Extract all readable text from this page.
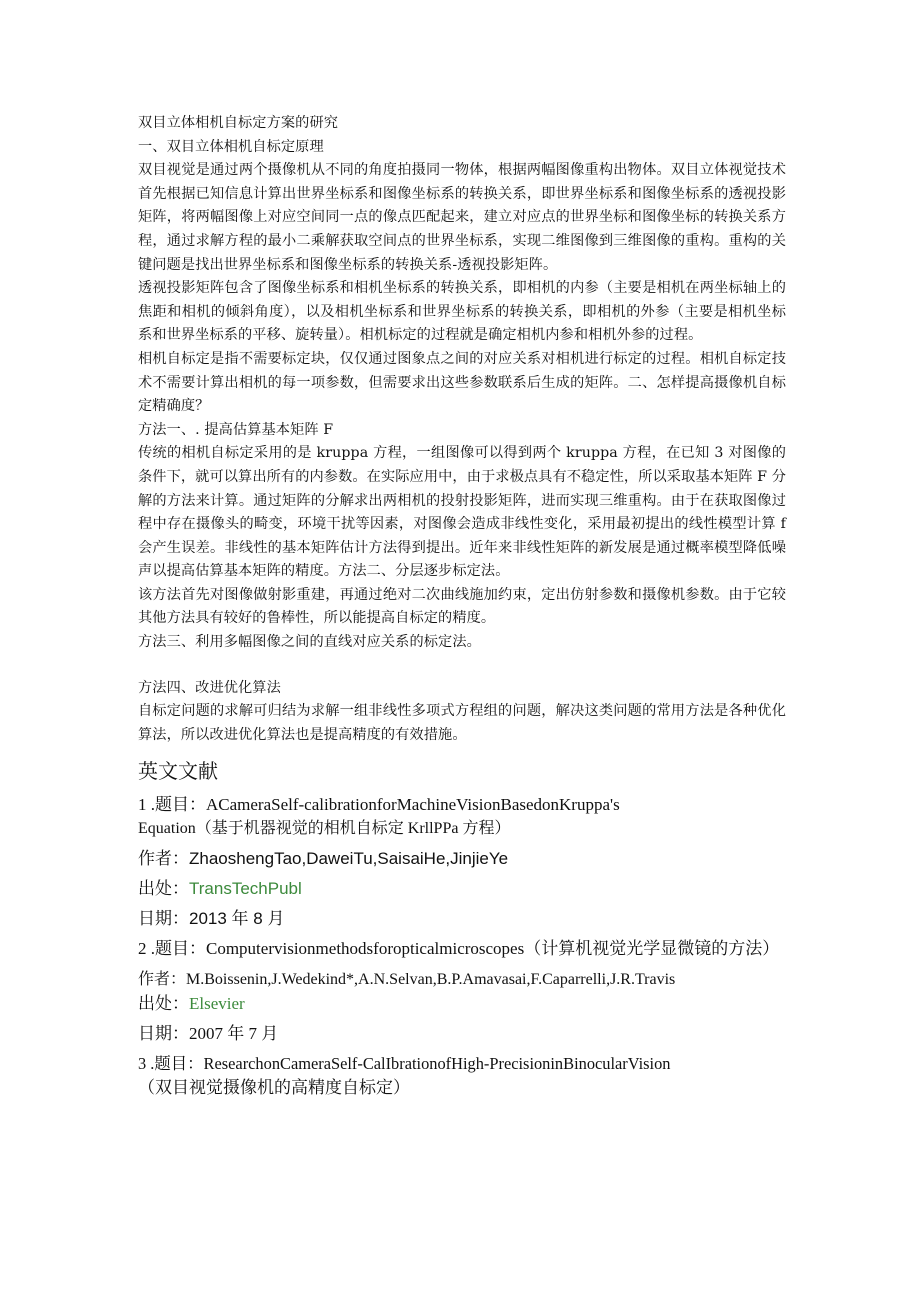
双目立体相机自标定方案的研究

一、双目立体相机自标定原理

双目视觉是通过两个摄像机从不同的角度拍摄同一物体，根据两幅图像重构出物体。双目立体视觉技术首先根据已知信息计算出世界坐标系和图像坐标系的转换关系，即世界坐标系和图像坐标系的透视投影矩阵，将两幅图像上对应空间同一点的像点匹配起来，建立对应点的世界坐标和图像坐标的转换关系方程，通过求解方程的最小二乘解获取空间点的世界坐标系，实现二维图像到三维图像的重构。重构的关键问题是找出世界坐标系和图像坐标系的转换关系-透视投影矩阵。

透视投影矩阵包含了图像坐标系和相机坐标系的转换关系，即相机的内参（主要是相机在两坐标轴上的焦距和相机的倾斜角度），以及相机坐标系和世界坐标系的转换关系，即相机的外参（主要是相机坐标系和世界坐标系的平移、旋转量）。相机标定的过程就是确定相机内参和相机外参的过程。

相机自标定是指不需要标定块，仅仅通过图象点之间的对应关系对相机进行标定的过程。相机自标定技术不需要计算出相机的每一项参数，但需要求出这些参数联系后生成的矩阵。二、怎样提高摄像机自标定精确度？

方法一、. 提高估算基本矩阵 F

传统的相机自标定采用的是 kruppa 方程，一组图像可以得到两个 kruppa 方程，在已知 3 对图像的条件下，就可以算出所有的内参数。在实际应用中，由于求极点具有不稳定性，所以采取基本矩阵 F 分解的方法来计算。通过矩阵的分解求出两相机的投射投影矩阵，进而实现三维重构。由于在获取图像过程中存在摄像头的畸变，环境干扰等因素，对图像会造成非线性变化，采用最初提出的线性模型计算 f 会产生误差。非线性的基本矩阵估计方法得到提出。近年来非线性矩阵的新发展是通过概率模型降低噪声以提高估算基本矩阵的精度。方法二、分层逐步标定法。

该方法首先对图像做射影重建，再通过绝对二次曲线施加约束，定出仿射参数和摄像机参数。由于它较其他方法具有较好的鲁棒性，所以能提高自标定的精度。

方法三、利用多幅图像之间的直线对应关系的标定法。

方法四、改进优化算法

自标定问题的求解可归结为求解一组非线性多项式方程组的问题，解决这类问题的常用方法是各种优化算法，所以改进优化算法也是提高精度的有效措施。

英文文献

1 .题目：ACameraSelf-calibrationforMachineVisionBasedonKruppa's

Equation（基于机器视觉的相机自标定 KrllPPa 方程）

作者：ZhaoshengTao,DaweiTu,SaisaiHe,JinjieYe

出处：TransTechPubl

日期：2013 年 8 月

2 .题目：Computervisionmethodsforopticalmicroscopes（计算机视觉光学显微镜的方法）

作者：M.Boissenin,J.Wedekind*,A.N.Selvan,B.P.Amavasai,F.Caparrelli,J.R.Travis

出处：Elsevier

日期：2007 年 7 月

3 .题目：ResearchonCameraSelf-CalIbrationofHigh-PrecisioninBinocularVision

（双目视觉摄像机的高精度自标定）
